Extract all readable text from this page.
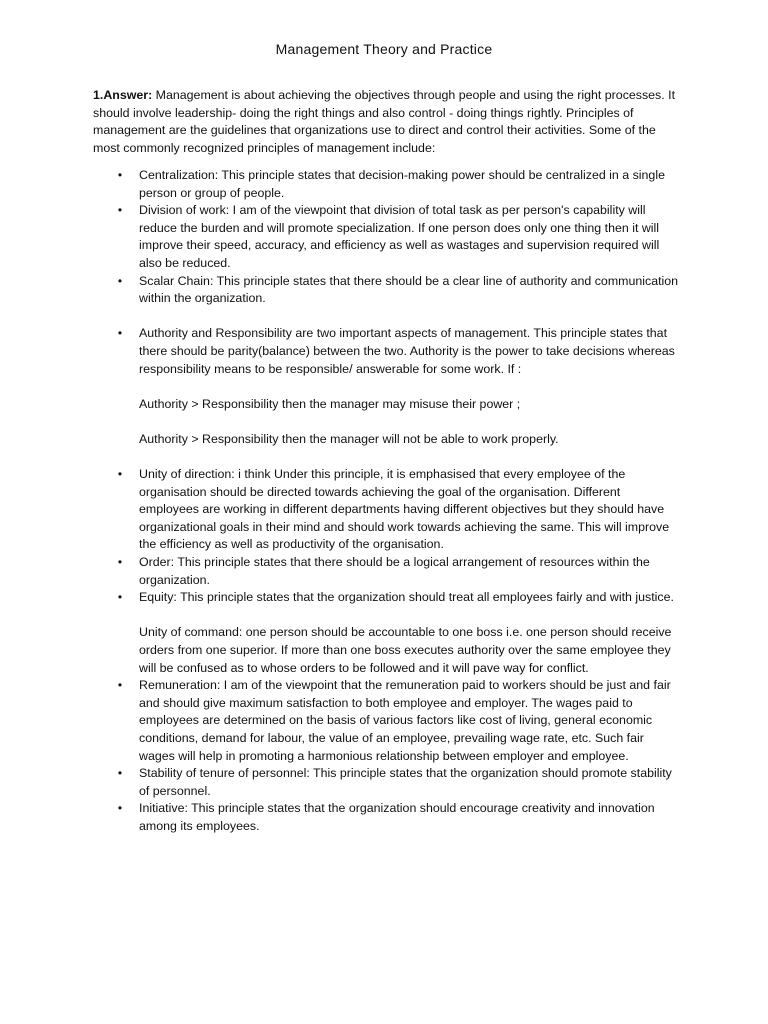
Management Theory and Practice
1.Answer: Management is about achieving the objectives through people and using the right processes. It should involve leadership- doing the right things and also control - doing things rightly. Principles of management are the guidelines that organizations use to direct and control their activities. Some of the most commonly recognized principles of management include:
• Centralization: This principle states that decision-making power should be centralized in a single person or group of people.
• Division of work: I am of the viewpoint that division of total task as per person's capability will reduce the burden and will promote specialization. If one person does only one thing then it will improve their speed, accuracy, and efficiency as well as wastages and supervision required will also be reduced.
• Scalar Chain: This principle states that there should be a clear line of authority and communication within the organization.
• Authority and Responsibility are two important aspects of management. This principle states that there should be parity(balance) between the two. Authority is the power to take decisions whereas responsibility means to be responsible/ answerable for some work. If :
Authority > Responsibility then the manager may misuse their power ;
Authority > Responsibility then the manager will not be able to work properly.
• Unity of direction: i think Under this principle, it is emphasised that every employee of the organisation should be directed towards achieving the goal of the organisation. Different employees are working in different departments having different objectives but they should have organizational goals in their mind and should work towards achieving the same. This will improve the efficiency as well as productivity of the organisation.
• Order: This principle states that there should be a logical arrangement of resources within the organization.
• Equity: This principle states that the organization should treat all employees fairly and with justice.
Unity of command: one person should be accountable to one boss i.e. one person should receive orders from one superior. If more than one boss executes authority over the same employee they will be confused as to whose orders to be followed and it will pave way for conflict.
• Remuneration: I am of the viewpoint that the remuneration paid to workers should be just and fair and should give maximum satisfaction to both employee and employer. The wages paid to employees are determined on the basis of various factors like cost of living, general economic conditions, demand for labour, the value of an employee, prevailing wage rate, etc. Such fair wages will help in promoting a harmonious relationship between employer and employee.
• Stability of tenure of personnel: This principle states that the organization should promote stability of personnel.
• Initiative: This principle states that the organization should encourage creativity and innovation among its employees.
